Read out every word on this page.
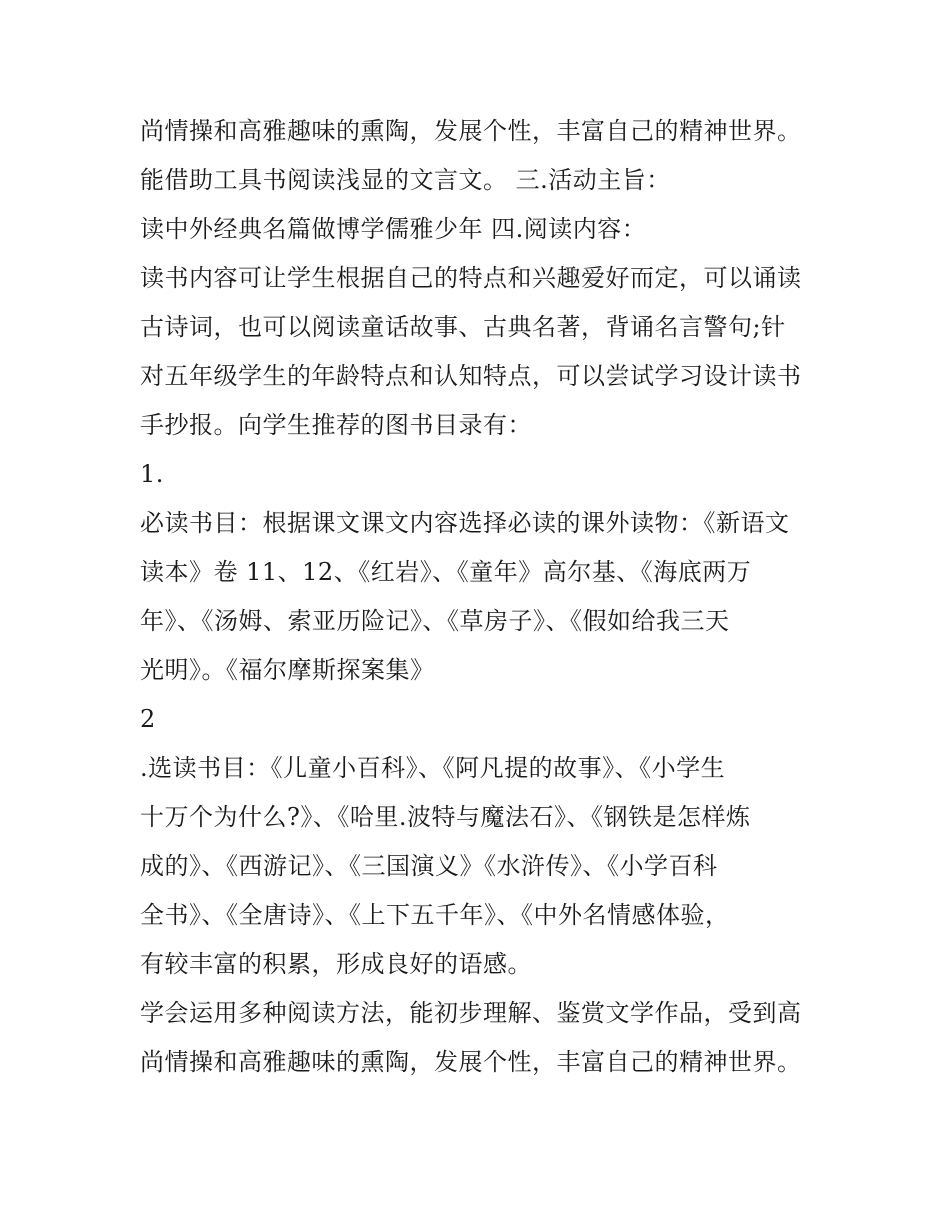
尚情操和高雅趣味的熏陶，发展个性，丰富自己的精神世界。
能借助工具书阅读浅显的文言文。 三.活动主旨：
读中外经典名篇做博学儒雅少年 四.阅读内容：
读书内容可让学生根据自己的特点和兴趣爱好而定，可以诵读
古诗词，也可以阅读童话故事、古典名著，背诵名言警句;针
对五年级学生的年龄特点和认知特点，可以尝试学习设计读书
手抄报。向学生推荐的图书目录有：
1.
必读书目：根据课文课文内容选择必读的课外读物：《新语文
读本》卷 11、12、《红岩》、《童年》高尔基、《海底两万
年》、《汤姆、索亚历险记》、《草房子》、《假如给我三天
光明》。《福尔摩斯探案集》
2
.选读书目：《儿童小百科》、《阿凡提的故事》、《小学生
十万个为什么?》、《哈里.波特与魔法石》、《钢铁是怎样炼
成的》、《西游记》、《三国演义》《水浒传》、《小学百科
全书》、《全唐诗》、《上下五千年》、《中外名情感体验，
有较丰富的积累，形成良好的语感。
学会运用多种阅读方法，能初步理解、鉴赏文学作品，受到高
尚情操和高雅趣味的熏陶，发展个性，丰富自己的精神世界。
